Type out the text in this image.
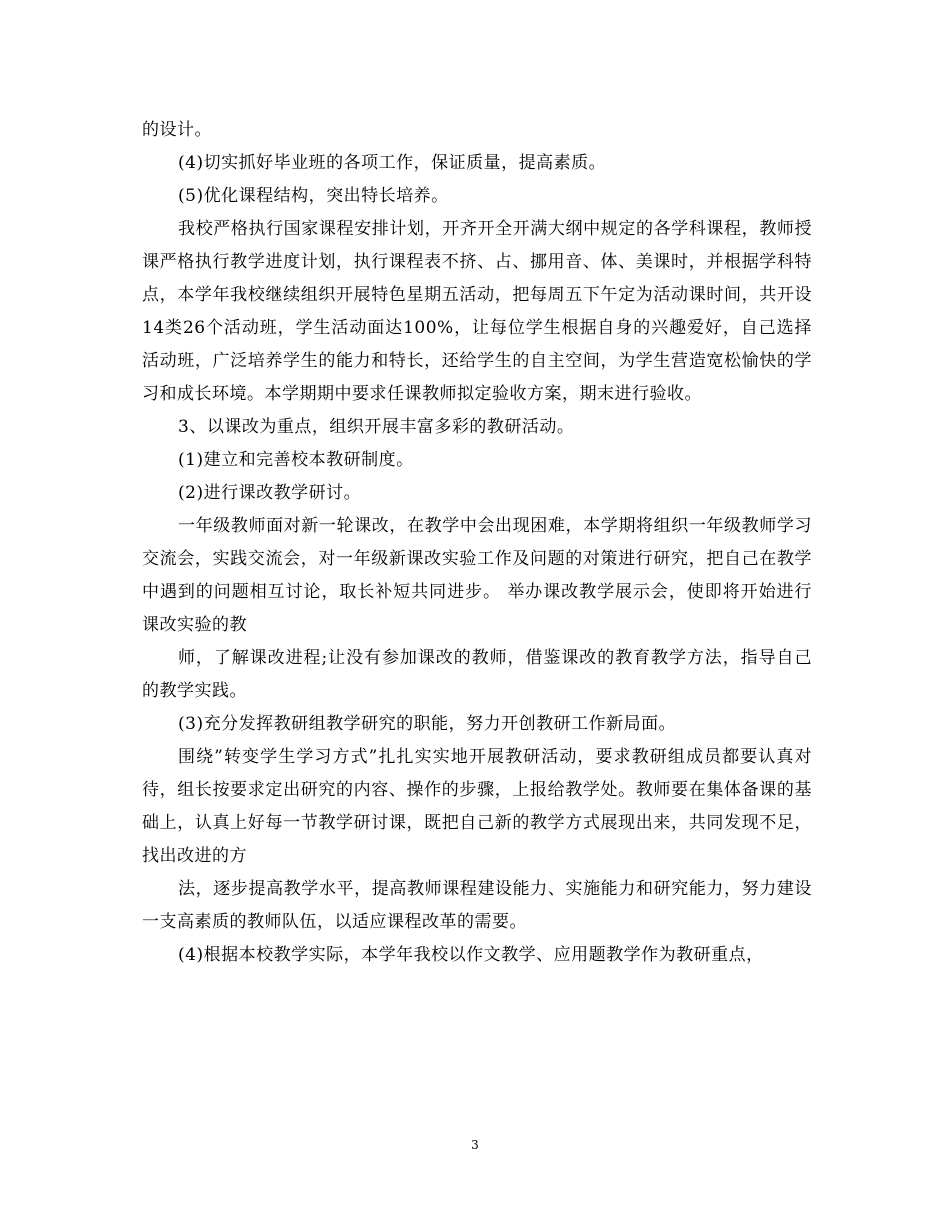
的设计。

(4)切实抓好毕业班的各项工作，保证质量，提高素质。

(5)优化课程结构，突出特长培养。

我校严格执行国家课程安排计划，开齐开全开满大纲中规定的各学科课程，教师授课严格执行教学进度计划，执行课程表不挤、占、挪用音、体、美课时，并根据学科特点，本学年我校继续组织开展特色星期五活动，把每周五下午定为活动课时间，共开设14类26个活动班，学生活动面达100%，让每位学生根据自身的兴趣爱好，自己选择活动班，广泛培养学生的能力和特长，还给学生的自主空间，为学生营造宽松愉快的学习和成长环境。本学期期中要求任课教师拟定验收方案，期末进行验收。

3、以课改为重点，组织开展丰富多彩的教研活动。

(1)建立和完善校本教研制度。

(2)进行课改教学研讨。

一年级教师面对新一轮课改，在教学中会出现困难，本学期将组织一年级教师学习交流会，实践交流会，对一年级新课改实验工作及问题的对策进行研究，把自己在教学中遇到的问题相互讨论，取长补短共同进步。 举办课改教学展示会，使即将开始进行课改实验的教

师，了解课改进程;让没有参加课改的教师，借鉴课改的教育教学方法，指导自己的教学实践。

(3)充分发挥教研组教学研究的职能，努力开创教研工作新局面。

围绕”转变学生学习方式”扎扎实实地开展教研活动，要求教研组成员都要认真对待，组长按要求定出研究的内容、操作的步骤，上报给教学处。教师要在集体备课的基础上，认真上好每一节教学研讨课，既把自己新的教学方式展现出来，共同发现不足，找出改进的方

法，逐步提高教学水平，提高教师课程建设能力、实施能力和研究能力，努力建设一支高素质的教师队伍，以适应课程改革的需要。

(4)根据本校教学实际，本学年我校以作文教学、应用题教学作为教研重点，

3
